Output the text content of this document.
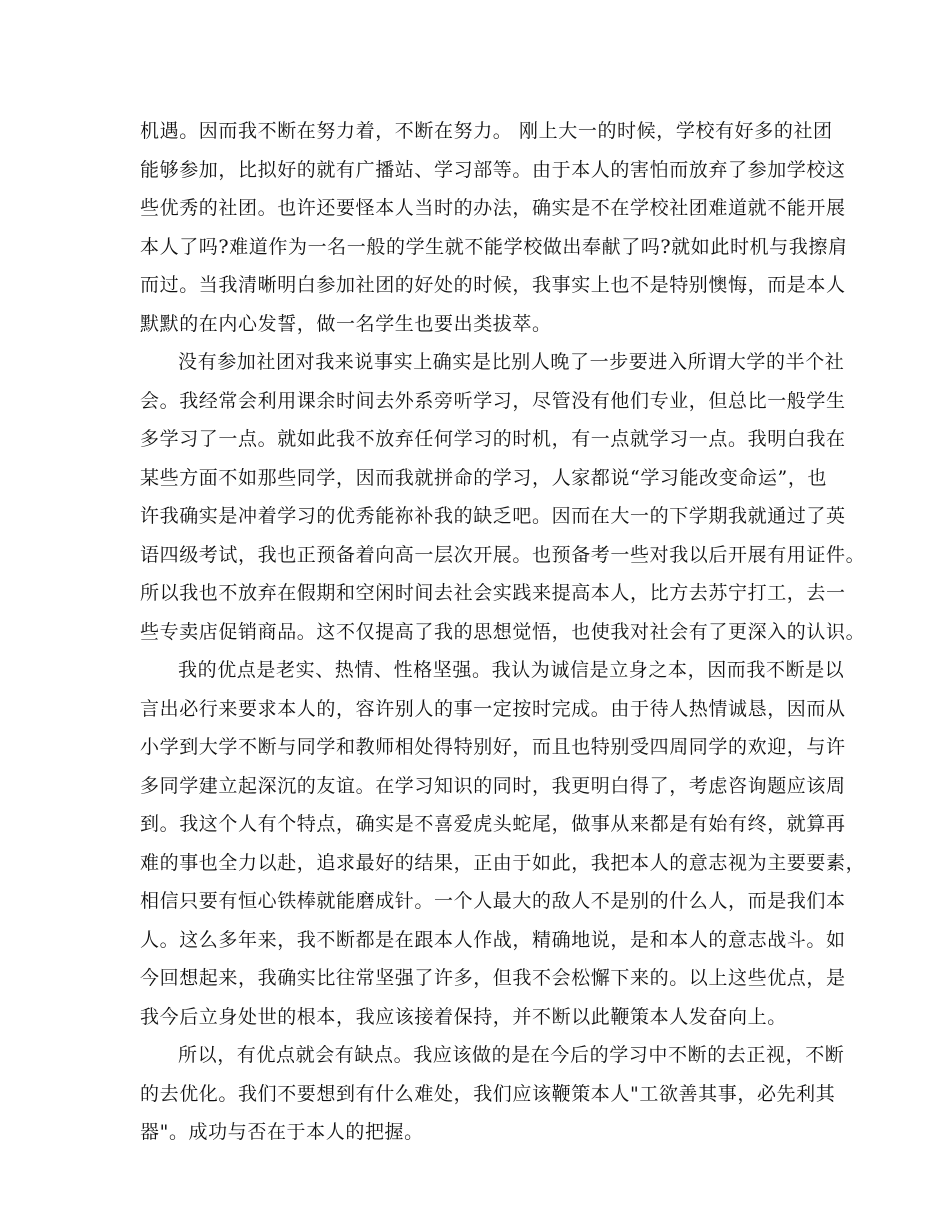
机遇。因而我不断在努力着，不断在努力。 刚上大一的时候，学校有好多的社团
能够参加，比拟好的就有广播站、学习部等。由于本人的害怕而放弃了参加学校这
些优秀的社团。也许还要怪本人当时的办法，确实是不在学校社团难道就不能开展
本人了吗?难道作为一名一般的学生就不能学校做出奉献了吗?就如此时机与我擦肩
而过。当我清晰明白参加社团的好处的时候，我事实上也不是特别懊悔，而是本人
默默的在内心发誓，做一名学生也要出类拔萃。
没有参加社团对我来说事实上确实是比别人晚了一步要进入所谓大学的半个社
会。我经常会利用课余时间去外系旁听学习，尽管没有他们专业，但总比一般学生
多学习了一点。就如此我不放弃任何学习的时机，有一点就学习一点。我明白我在
某些方面不如那些同学，因而我就拼命的学习，人家都说“学习能改变命运”，也
许我确实是冲着学习的优秀能祢补我的缺乏吧。因而在大一的下学期我就通过了英
语四级考试，我也正预备着向高一层次开展。也预备考一些对我以后开展有用证件。
所以我也不放弃在假期和空闲时间去社会实践来提高本人，比方去苏宁打工，去一
些专卖店促销商品。这不仅提高了我的思想觉悟，也使我对社会有了更深入的认识。
我的优点是老实、热情、性格坚强。我认为诚信是立身之本，因而我不断是以
言出必行来要求本人的，容许别人的事一定按时完成。由于待人热情诚恳，因而从
小学到大学不断与同学和教师相处得特别好，而且也特别受四周同学的欢迎，与许
多同学建立起深沉的友谊。在学习知识的同时，我更明白得了，考虑咨询题应该周
到。我这个人有个特点，确实是不喜爱虎头蛇尾，做事从来都是有始有终，就算再
难的事也全力以赴，追求最好的结果，正由于如此，我把本人的意志视为主要要素，
相信只要有恒心铁棒就能磨成针。一个人最大的敌人不是别的什么人，而是我们本
人。这么多年来，我不断都是在跟本人作战，精确地说，是和本人的意志战斗。如
今回想起来，我确实比往常坚强了许多，但我不会松懈下来的。以上这些优点，是
我今后立身处世的根本，我应该接着保持，并不断以此鞭策本人发奋向上。
所以，有优点就会有缺点。我应该做的是在今后的学习中不断的去正视，不断
的去优化。我们不要想到有什么难处，我们应该鞭策本人"工欲善其事，必先利其
器"。成功与否在于本人的把握。
